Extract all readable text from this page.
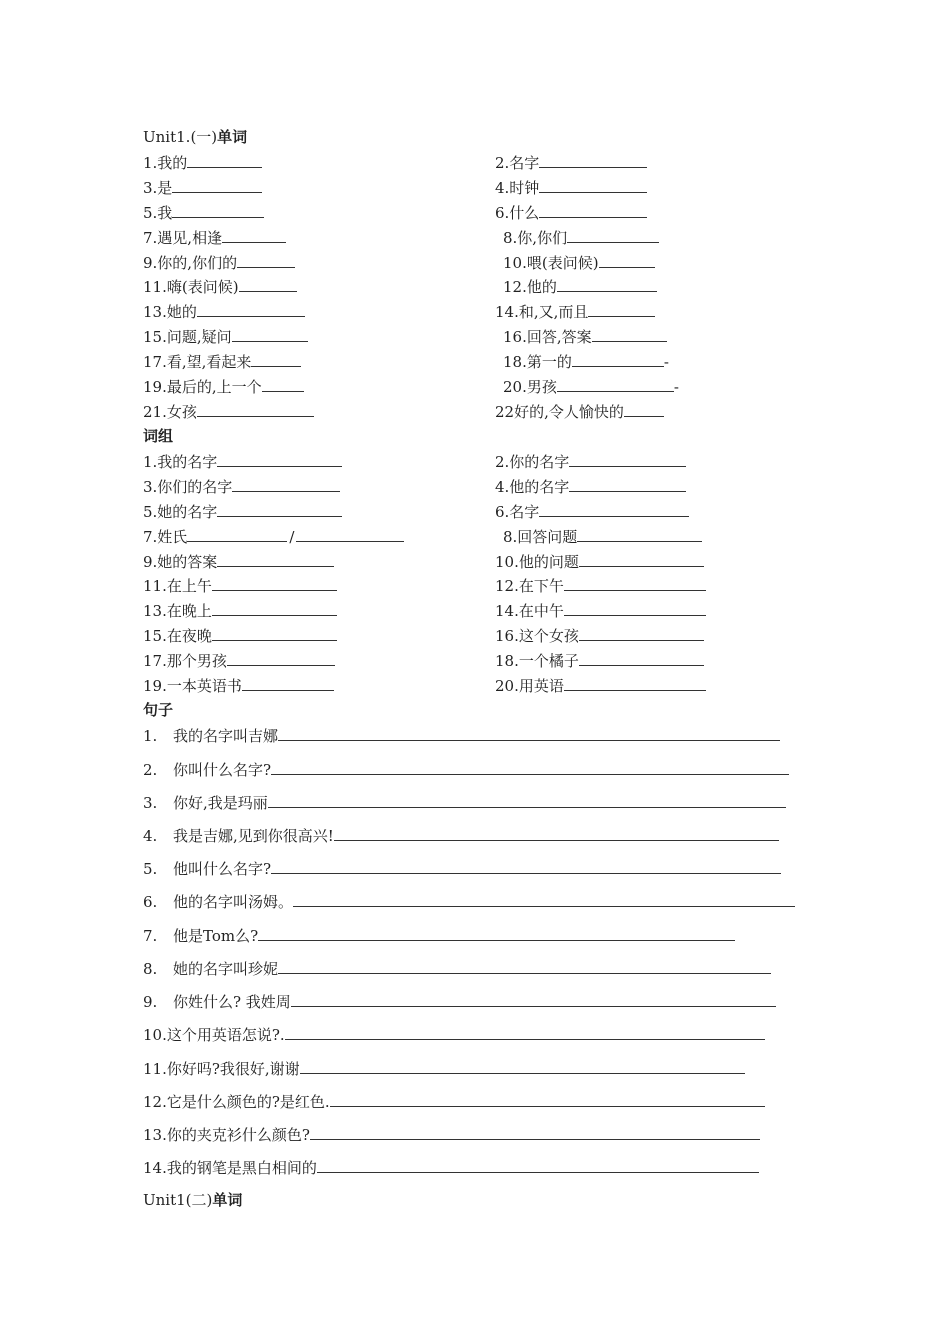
Unit1.(一)单词
1.我的	2.名字
3.是	4.时钟
5.我	6.什么
7.遇见,相逢	8.你,你们
9.你的,你们的	10.喂(表问候)
11.嗨(表问候)	12.他的
13.她的	14.和,又,而且
15.问题,疑问	16.回答,答案
17.看,望,看起来	18.第一的	-
19.最后的,上一个	20.男孩	-
21.女孩	22好的,令人愉快的
词组
1.我的名字	2.你的名字
3.你们的名字	4.他的名字
5.她的名字	6.名字
7.姓氏	/	8.回答问题
9.她的答案	10.他的问题
11.在上午	12.在下午
13.在晚上	14.在中午
15.在夜晚	16.这个女孩
17.那个男孩	18.一个橘子
19.一本英语书	20.用英语
句子
1. 我的名字叫吉娜
2. 你叫什么名字?
3. 你好,我是玛丽
4. 我是吉娜,见到你很高兴!
5. 他叫什么名字?
6. 他的名字叫汤姆。
7. 他是Tom么?
8. 她的名字叫珍妮
9. 你姓什么? 我姓周
10.这个用英语怎说?.
11.你好吗?我很好,谢谢
12.它是什么颜色的?是红色.
13.你的夹克衫什么颜色?
14.我的钢笔是黑白相间的
Unit1(二)单词
